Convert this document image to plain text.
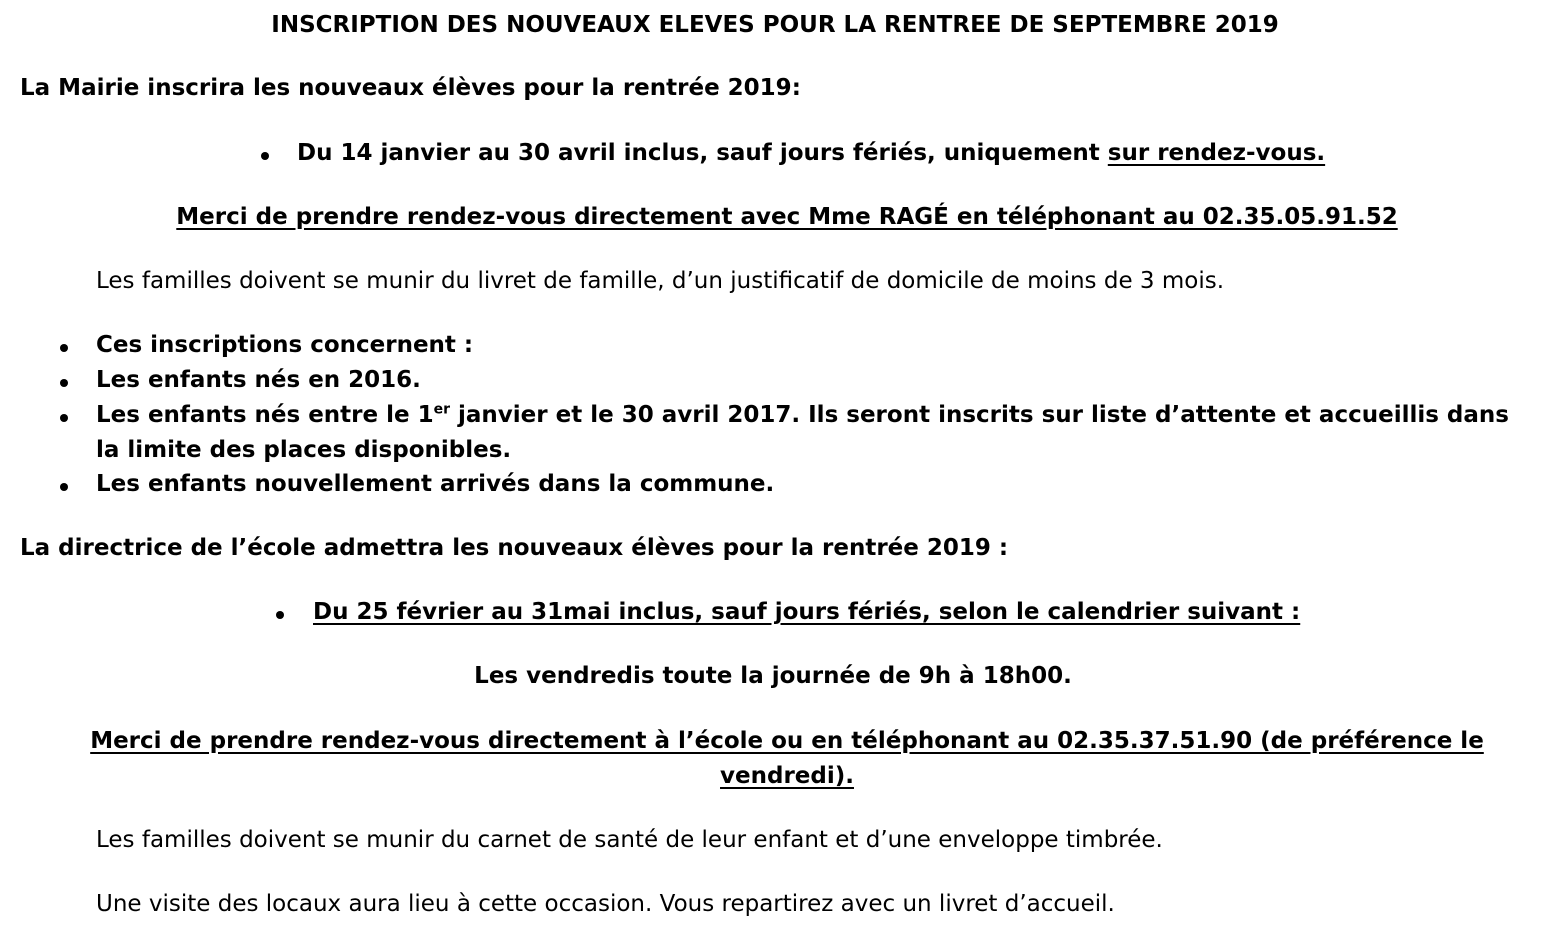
INSCRIPTION DES NOUVEAUX ELEVES POUR LA RENTREE DE SEPTEMBRE 2019
La Mairie inscrira les nouveaux élèves pour la rentrée 2019:
Du 14 janvier au 30 avril inclus, sauf jours fériés, uniquement sur rendez-vous.
Merci de prendre rendez-vous directement avec Mme RAGÉ en téléphonant au 02.35.05.91.52
Les familles doivent se munir du livret de famille, d’un justificatif de domicile de moins de 3 mois.
Ces inscriptions concernent :
Les enfants nés en 2016.
Les enfants nés entre le 1er janvier et le 30 avril 2017. Ils seront inscrits sur liste d’attente et accueillis dans
la limite des places disponibles.
Les enfants nouvellement arrivés dans la commune.
La directrice de l’école admettra les nouveaux élèves pour la rentrée 2019 :
Du 25 février au 31mai inclus, sauf jours fériés, selon le calendrier suivant :
Les vendredis toute la journée de 9h à 18h00.
Merci de prendre rendez-vous directement à l’école ou en téléphonant au 02.35.37.51.90 (de préférence le
vendredi).
Les familles doivent se munir du carnet de santé de leur enfant et d’une enveloppe timbrée.
Une visite des locaux aura lieu à cette occasion. Vous repartirez avec un livret d’accueil.
